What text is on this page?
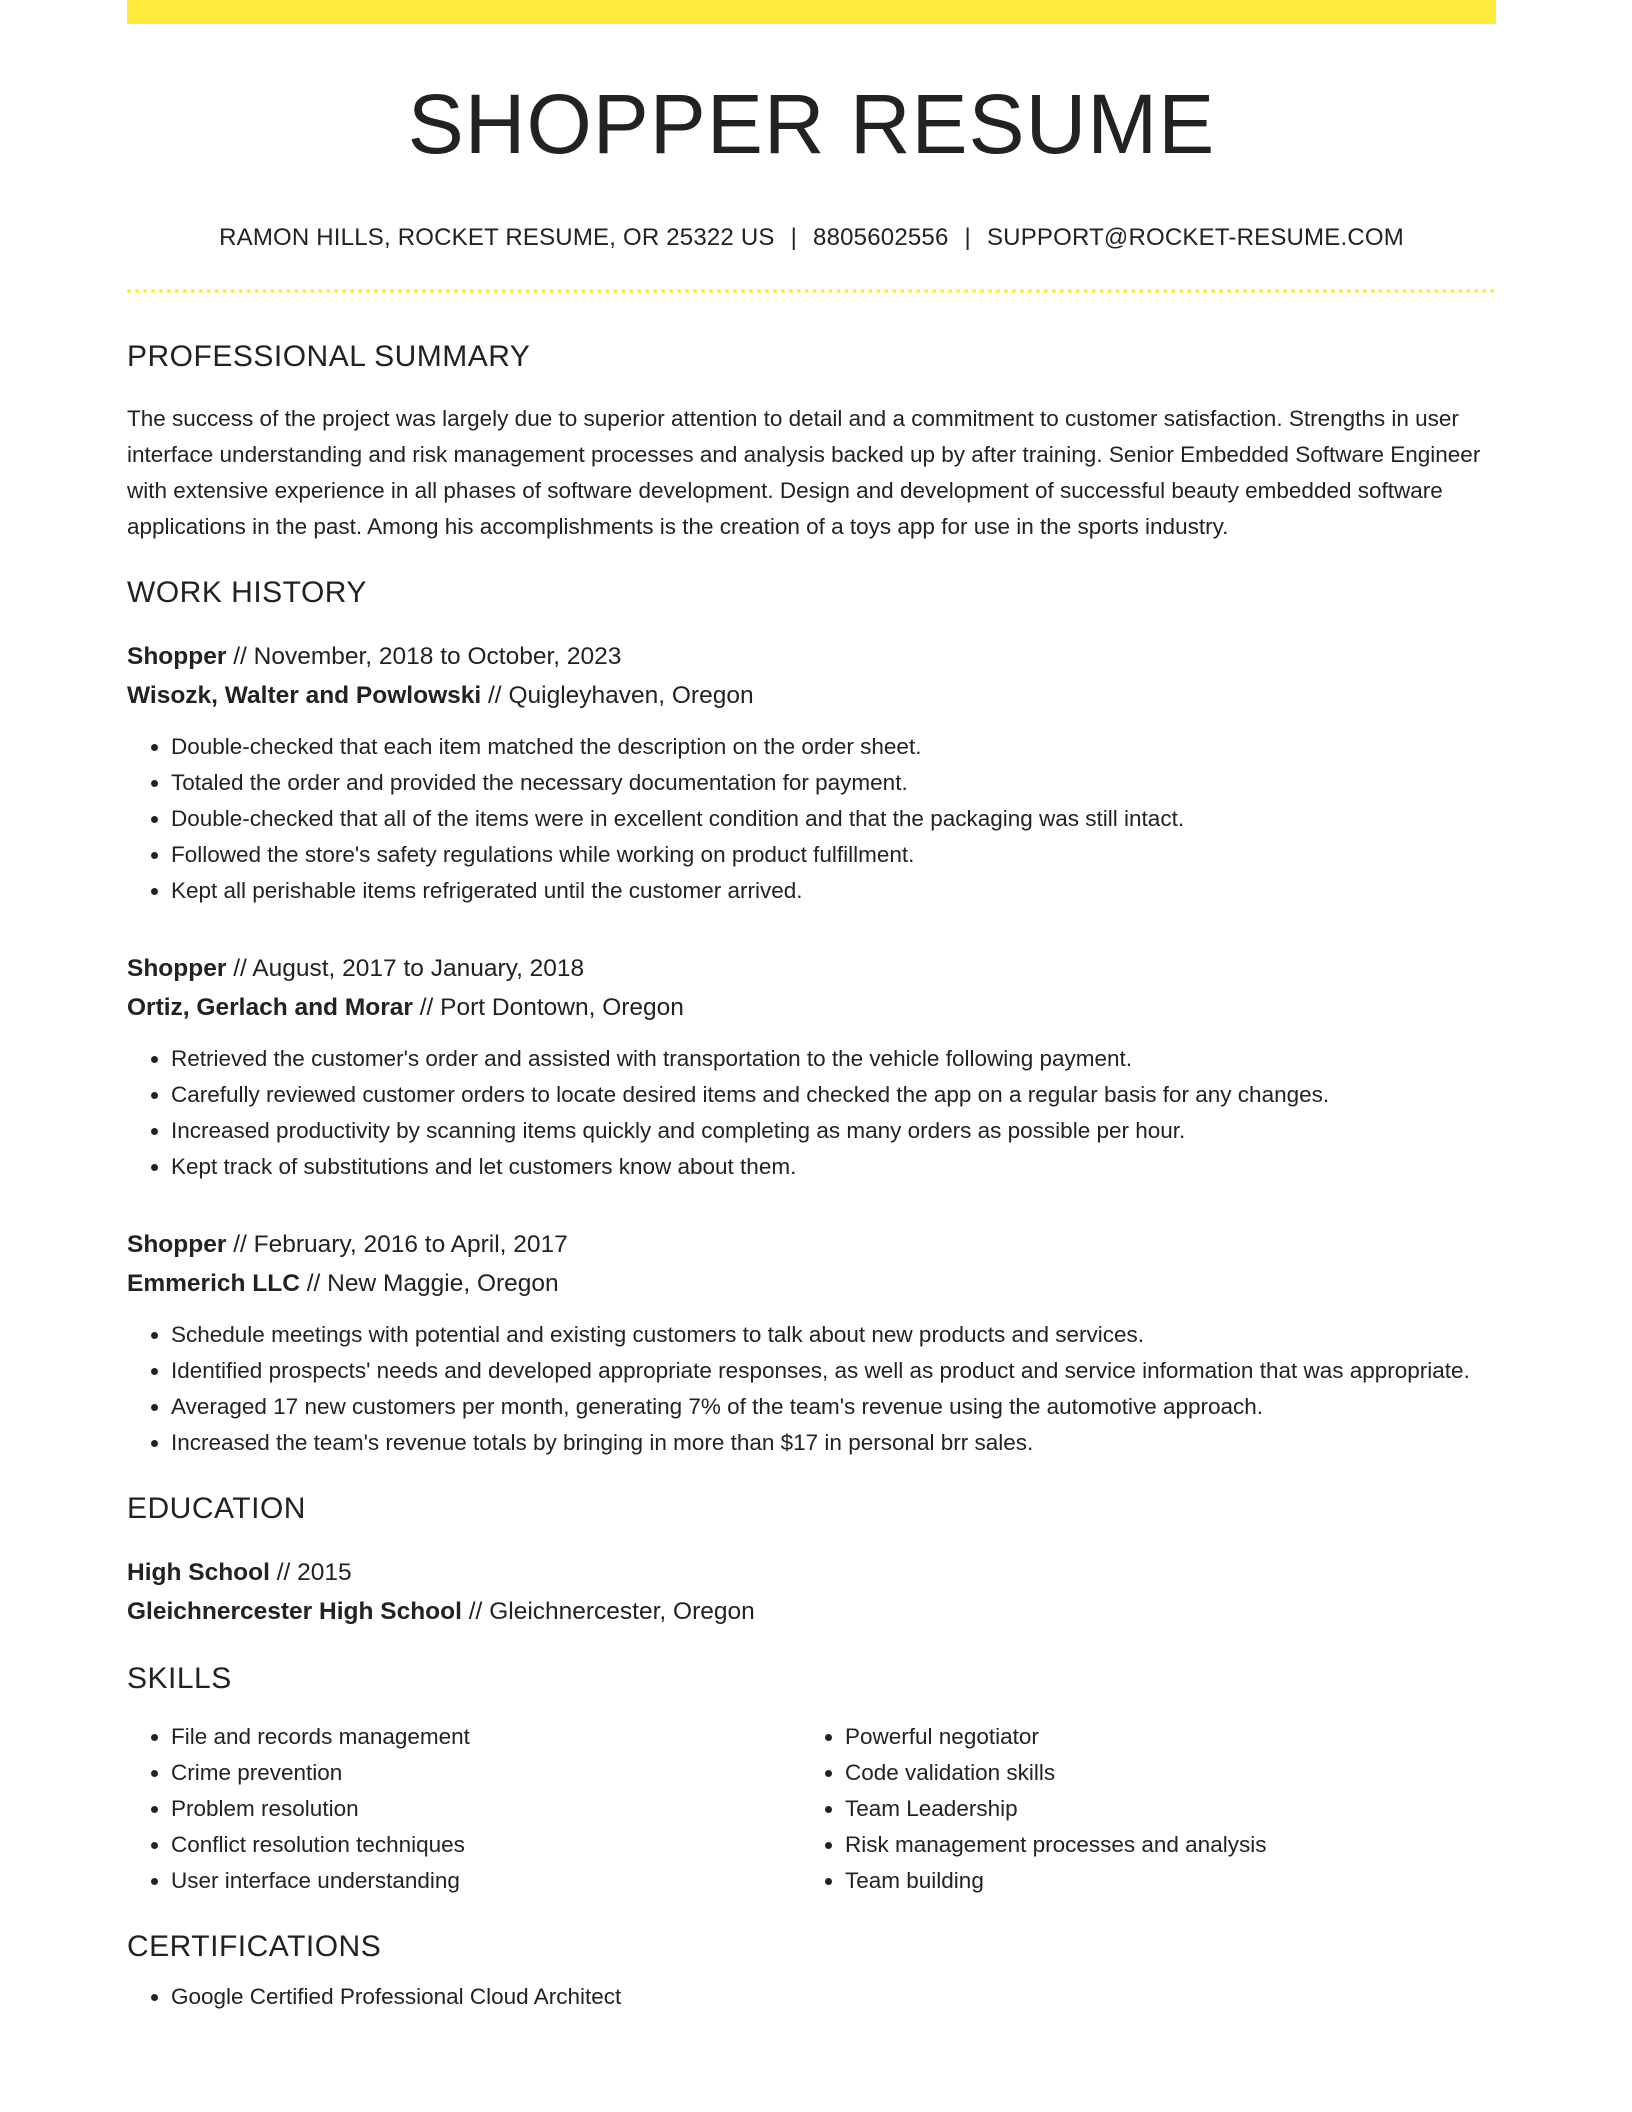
SHOPPER RESUME
RAMON HILLS, ROCKET RESUME, OR 25322 US | 8805602556 | SUPPORT@ROCKET-RESUME.COM
PROFESSIONAL SUMMARY

The success of the project was largely due to superior attention to detail and a commitment to customer satisfaction. Strengths in user interface understanding and risk management processes and analysis backed up by after training. Senior Embedded Software Engineer with extensive experience in all phases of software development. Design and development of successful beauty embedded software applications in the past. Among his accomplishments is the creation of a toys app for use in the sports industry.

WORK HISTORY
Shopper // November, 2018 to October, 2023
Wisozk, Walter and Powlowski // Quigleyhaven, Oregon
• Double-checked that each item matched the description on the order sheet.
• Totaled the order and provided the necessary documentation for payment.
• Double-checked that all of the items were in excellent condition and that the packaging was still intact.
• Followed the store's safety regulations while working on product fulfillment.
• Kept all perishable items refrigerated until the customer arrived.
Shopper // August, 2017 to January, 2018
Ortiz, Gerlach and Morar // Port Dontown, Oregon
• Retrieved the customer's order and assisted with transportation to the vehicle following payment.
• Carefully reviewed customer orders to locate desired items and checked the app on a regular basis for any changes.
• Increased productivity by scanning items quickly and completing as many orders as possible per hour.
• Kept track of substitutions and let customers know about them.
Shopper // February, 2016 to April, 2017
Emmerich LLC // New Maggie, Oregon
• Schedule meetings with potential and existing customers to talk about new products and services.
• Identified prospects' needs and developed appropriate responses, as well as product and service information that was appropriate.
• Averaged 17 new customers per month, generating 7% of the team's revenue using the automotive approach.
• Increased the team's revenue totals by bringing in more than $17 in personal brr sales.
EDUCATION
High School // 2015
Gleichnercester High School // Gleichnercester, Oregon
SKILLS
• File and records management
• Crime prevention
• Problem resolution
• Conflict resolution techniques
• User interface understanding
• Powerful negotiator
• Code validation skills
• Team Leadership
• Risk management processes and analysis
• Team building
CERTIFICATIONS
• Google Certified Professional Cloud Architect
